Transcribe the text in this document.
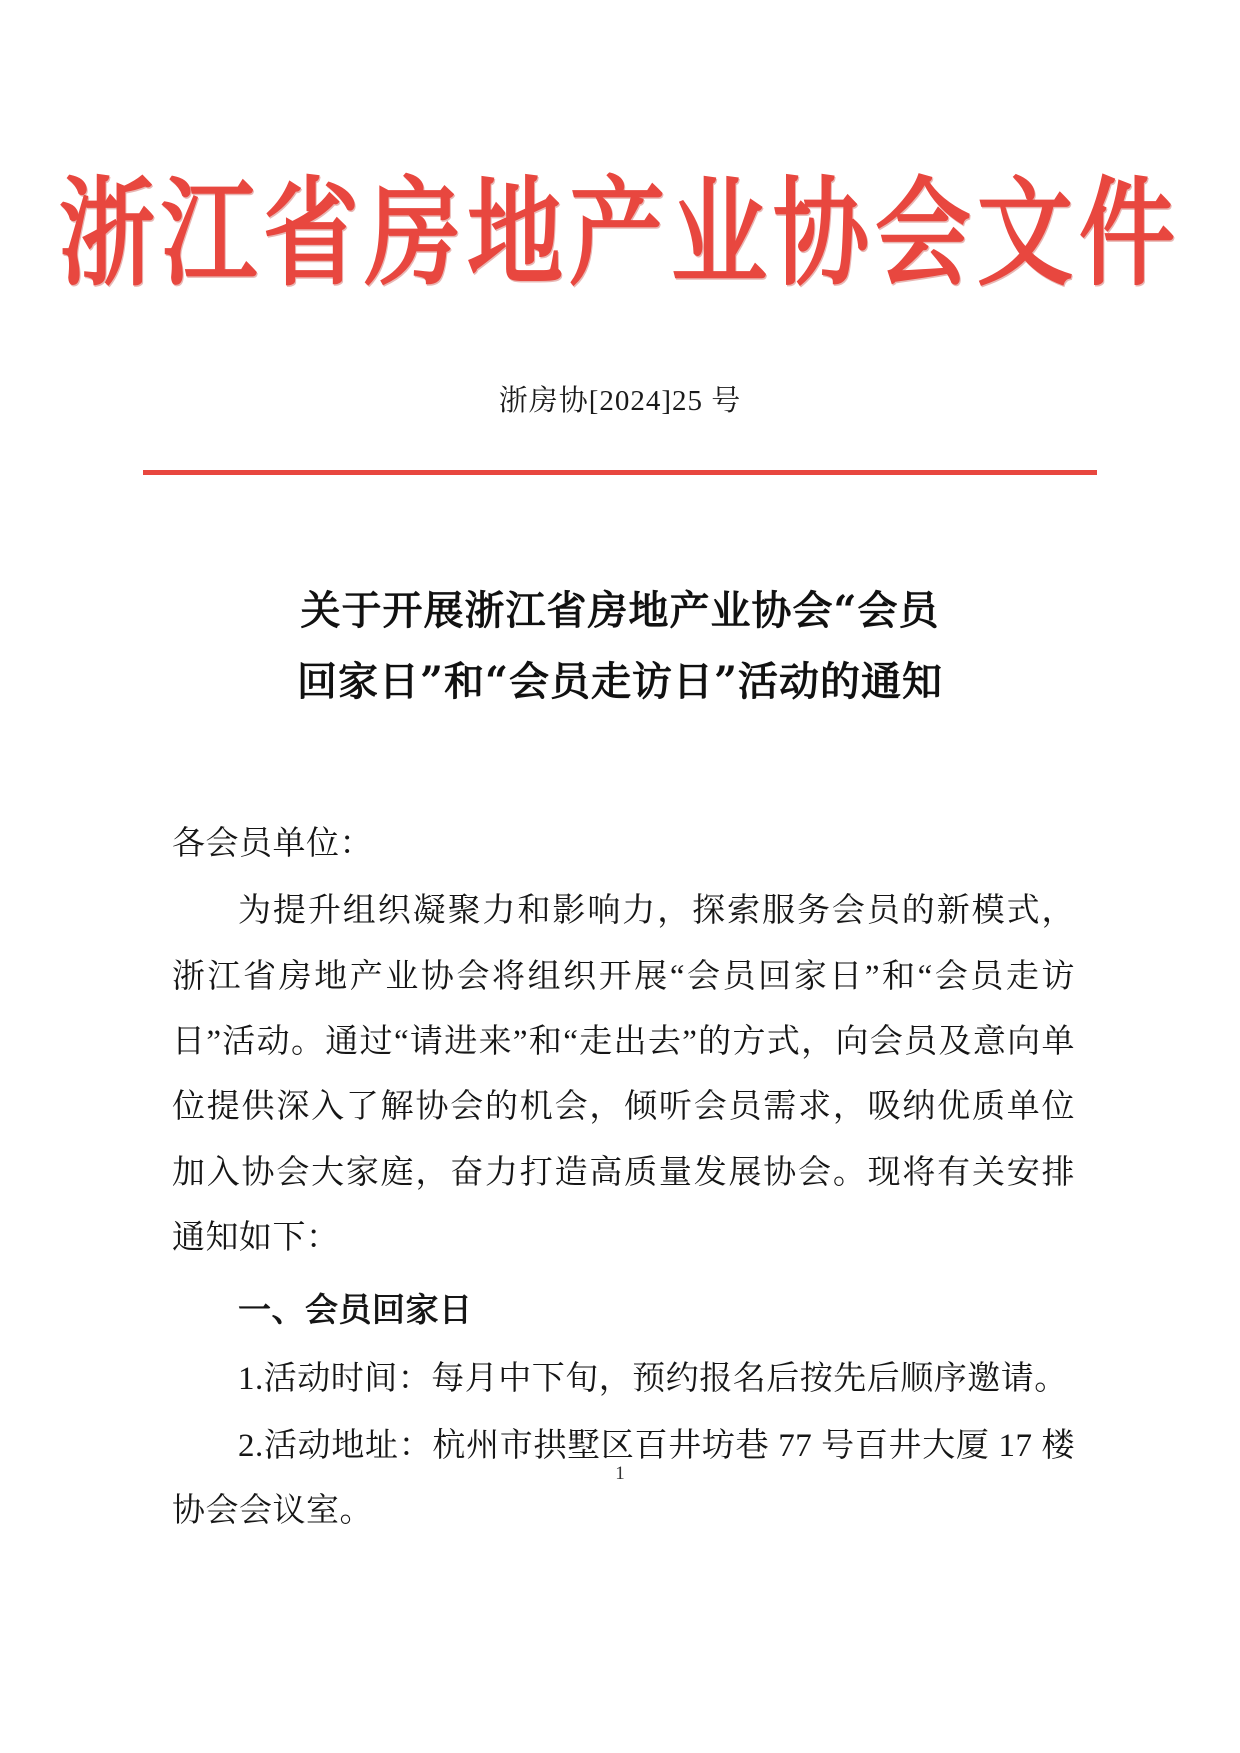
浙江省房地产业协会文件
浙房协[2024]25 号
关于开展浙江省房地产业协会“会员
回家日”和“会员走访日”活动的通知

各会员单位：

为提升组织凝聚力和影响力，探索服务会员的新模式，浙江省房地产业协会将组织开展“会员回家日”和“会员走访日”活动。通过“请进来”和“走出去”的方式，向会员及意向单位提供深入了解协会的机会，倾听会员需求，吸纳优质单位加入协会大家庭，奋力打造高质量发展协会。现将有关安排通知如下：

一、会员回家日

1.活动时间：每月中下旬，预约报名后按先后顺序邀请。

2.活动地址：杭州市拱墅区百井坊巷 77 号百井大厦 17 楼协会会议室。

1
